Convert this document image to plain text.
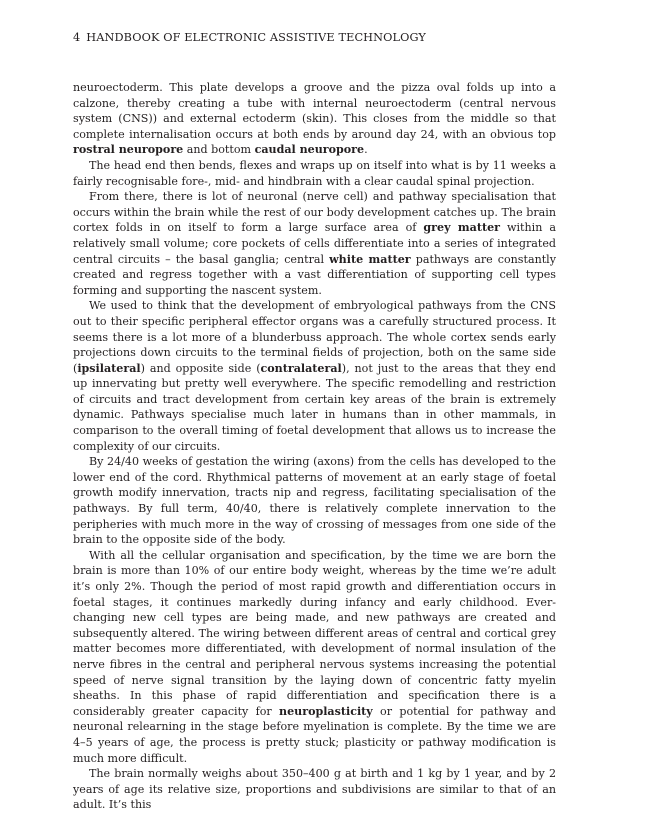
4 HANDBOOK OF ELECTRONIC ASSISTIVE TECHNOLOGY

neuroectoderm. This plate develops a groove and the pizza oval folds up into a calzone, thereby creating a tube with internal neuroectoderm (central nervous system (CNS)) and external ectoderm (skin). This closes from the middle so that complete internalisation occurs at both ends by around day 24, with an obvious top rostral neuropore and bottom caudal neuropore.

The head end then bends, flexes and wraps up on itself into what is by 11 weeks a fairly recognisable fore-, mid- and hindbrain with a clear caudal spinal projection.

From there, there is lot of neuronal (nerve cell) and pathway specialisation that occurs within the brain while the rest of our body development catches up. The brain cortex folds in on itself to form a large surface area of grey matter within a relatively small volume; core pockets of cells differentiate into a series of integrated central circuits – the basal ganglia; central white matter pathways are constantly created and regress together with a vast differentiation of supporting cell types forming and supporting the nascent system.

We used to think that the development of embryological pathways from the CNS out to their specific peripheral effector organs was a carefully structured process. It seems there is a lot more of a blunderbuss approach. The whole cortex sends early projections down circuits to the terminal fields of projection, both on the same side (ipsilateral) and opposite side (contralateral), not just to the areas that they end up innervating but pretty well everywhere. The specific remodelling and restriction of circuits and tract development from certain key areas of the brain is extremely dynamic. Pathways specialise much later in humans than in other mammals, in comparison to the overall timing of foetal development that allows us to increase the complexity of our circuits.

By 24/40 weeks of gestation the wiring (axons) from the cells has developed to the lower end of the cord. Rhythmical patterns of movement at an early stage of foetal growth modify innervation, tracts nip and regress, facilitating specialisation of the pathways. By full term, 40/40, there is relatively complete innervation to the peripheries with much more in the way of crossing of messages from one side of the brain to the opposite side of the body.

With all the cellular organisation and specification, by the time we are born the brain is more than 10% of our entire body weight, whereas by the time we’re adult it’s only 2%. Though the period of most rapid growth and differentiation occurs in foetal stages, it continues markedly during infancy and early childhood. Ever-changing new cell types are being made, and new pathways are created and subsequently altered. The wiring between different areas of central and cortical grey matter becomes more differentiated, with development of normal insulation of the nerve fibres in the central and peripheral nervous systems increasing the potential speed of nerve signal transition by the laying down of concentric fatty myelin sheaths. In this phase of rapid differentiation and specification there is a considerably greater capacity for neuroplasticity or potential for pathway and neuronal relearning in the stage before myelination is complete. By the time we are 4–5 years of age, the process is pretty stuck; plasticity or pathway modification is much more difficult.

The brain normally weighs about 350–400 g at birth and 1 kg by 1 year, and by 2 years of age its relative size, proportions and subdivisions are similar to that of an adult. It’s this
